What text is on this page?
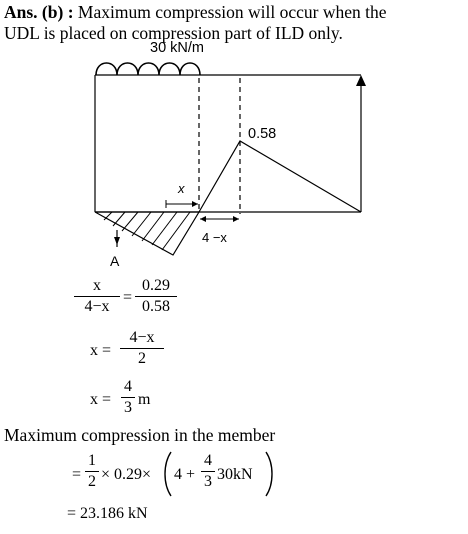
Ans. (b) : Maximum compression will occur when the
UDL is placed on compression part of ILD only.
30 kN/m
0.58
x
4 −x
A
x
4−x
=
0.29
0.58
x =
4−x
2
x =
4
3 m
Maximum compression in the member
=
1
2 × 0.29× 4 +
4
3 30kN
= 23.186 kN
